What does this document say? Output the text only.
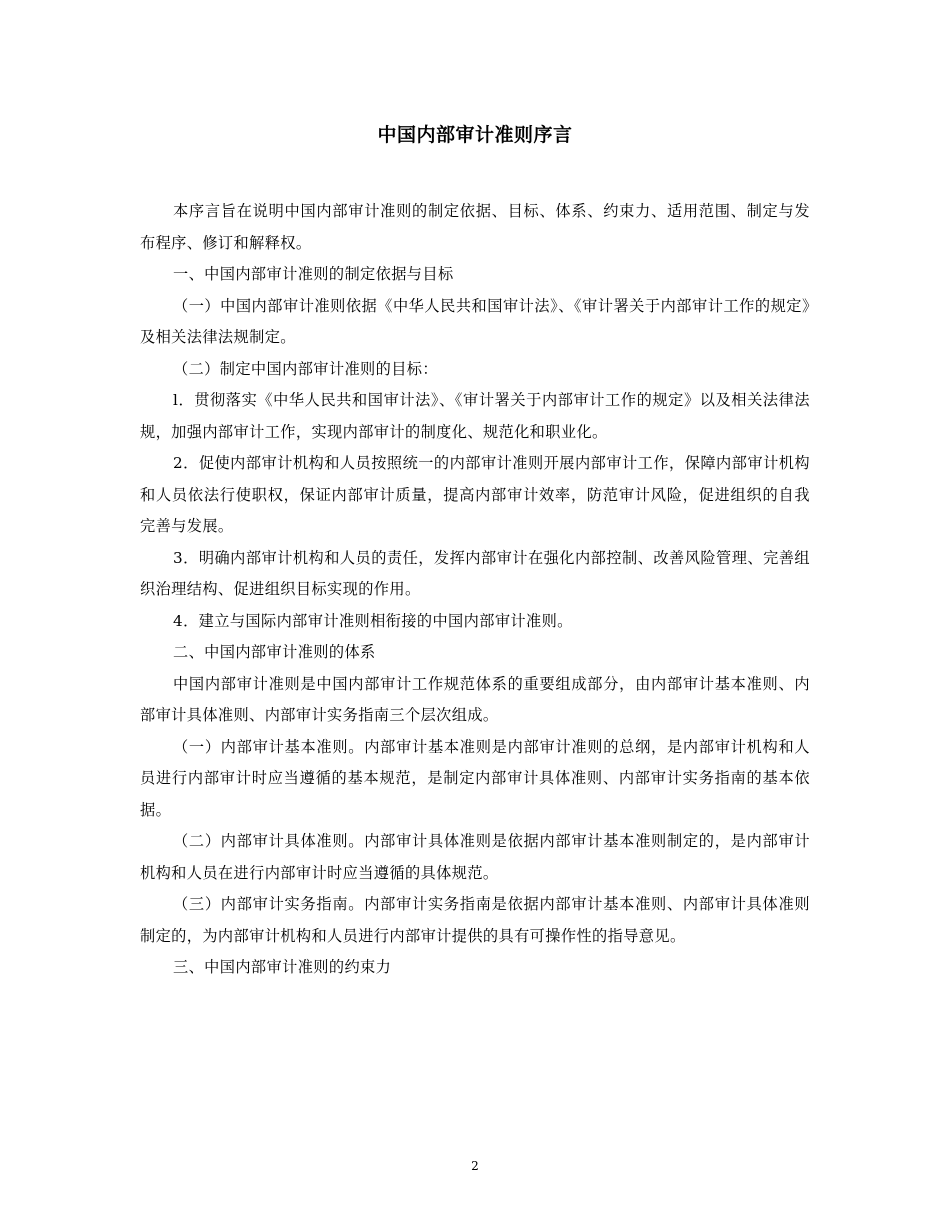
中国内部审计准则序言

本序言旨在说明中国内部审计准则的制定依据、目标、体系、约束力、适用范围、制定与发布程序、修订和解释权。

一、中国内部审计准则的制定依据与目标

（一）中国内部审计准则依据《中华人民共和国审计法》、《审计署关于内部审计工作的规定》及相关法律法规制定。

（二）制定中国内部审计准则的目标：

l．贯彻落实《中华人民共和国审计法》、《审计署关于内部审计工作的规定》以及相关法律法规，加强内部审计工作，实现内部审计的制度化、规范化和职业化。

2．促使内部审计机构和人员按照统一的内部审计准则开展内部审计工作，保障内部审计机构和人员依法行使职权，保证内部审计质量，提高内部审计效率，防范审计风险，促进组织的自我完善与发展。

3．明确内部审计机构和人员的责任，发挥内部审计在强化内部控制、改善风险管理、完善组织治理结构、促进组织目标实现的作用。

4．建立与国际内部审计准则相衔接的中国内部审计准则。

二、中国内部审计准则的体系

中国内部审计准则是中国内部审计工作规范体系的重要组成部分，由内部审计基本准则、内部审计具体准则、内部审计实务指南三个层次组成。

（一）内部审计基本准则。内部审计基本准则是内部审计准则的总纲，是内部审计机构和人员进行内部审计时应当遵循的基本规范，是制定内部审计具体准则、内部审计实务指南的基本依据。

（二）内部审计具体准则。内部审计具体准则是依据内部审计基本准则制定的，是内部审计机构和人员在进行内部审计时应当遵循的具体规范。

（三）内部审计实务指南。内部审计实务指南是依据内部审计基本准则、内部审计具体准则制定的，为内部审计机构和人员进行内部审计提供的具有可操作性的指导意见。

三、中国内部审计准则的约束力

2
